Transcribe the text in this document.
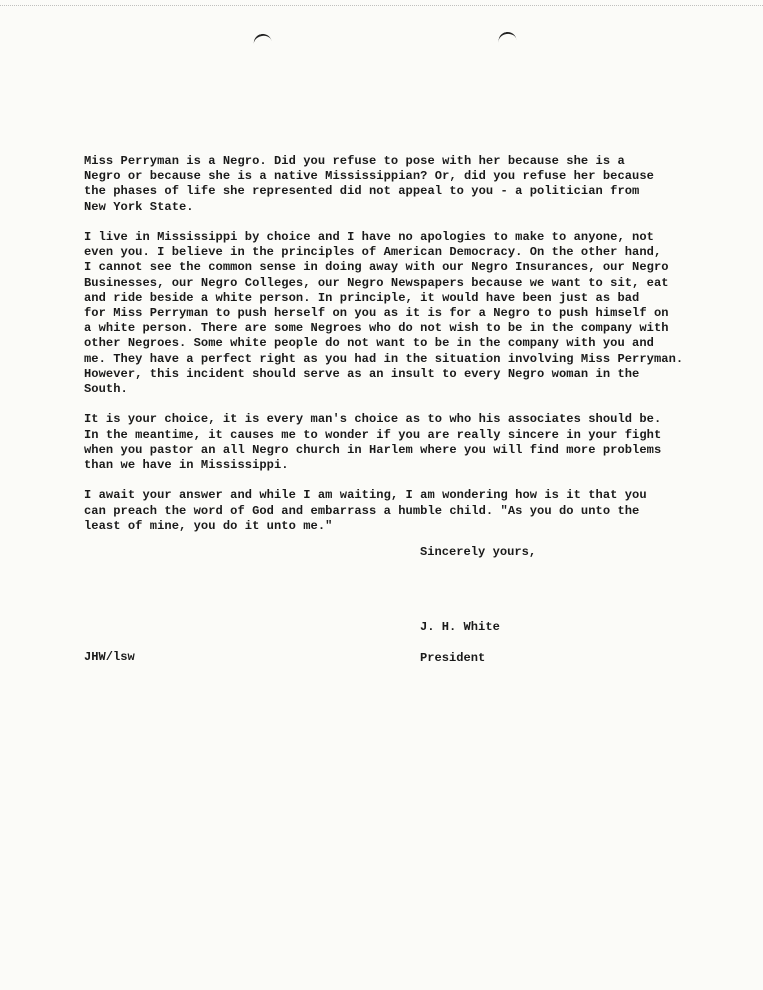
Miss Perryman is a Negro. Did you refuse to pose with her because she is a
Negro or because she is a native Mississippian? Or, did you refuse her because
the phases of life she represented did not appeal to you - a politician from
New York State.

I live in Mississippi by choice and I have no apologies to make to anyone, not
even you. I believe in the principles of American Democracy. On the other hand,
I cannot see the common sense in doing away with our Negro Insurances, our Negro
Businesses, our Negro Colleges, our Negro Newspapers because we want to sit, eat
and ride beside a white person. In principle, it would have been just as bad
for Miss Perryman to push herself on you as it is for a Negro to push himself on
a white person. There are some Negroes who do not wish to be in the company with
other Negroes. Some white people do not want to be in the company with you and
me. They have a perfect right as you had in the situation involving Miss Perryman.
However, this incident should serve as an insult to every Negro woman in the
South.

It is your choice, it is every man's choice as to who his associates should be.
In the meantime, it causes me to wonder if you are really sincere in your fight
when you pastor an all Negro church in Harlem where you will find more problems
than we have in Mississippi.

I await your answer and while I am waiting, I am wondering how is it that you
can preach the word of God and embarrass a humble child. "As you do unto the
least of mine, you do it unto me."

Sincerely yours,

J. H. White

President

JHW/lsw
